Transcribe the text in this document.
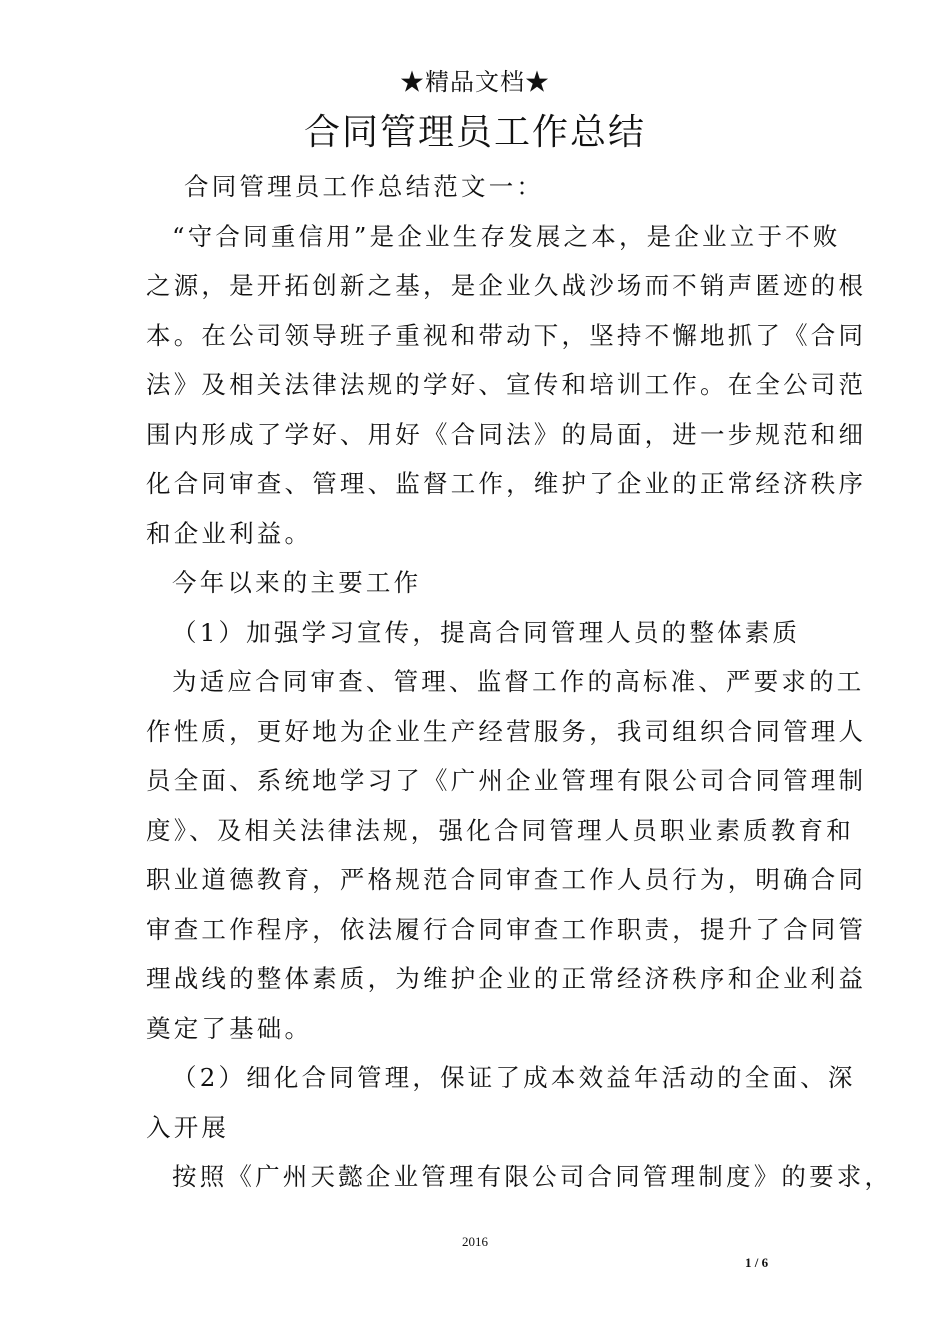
★精品文档★
合同管理员工作总结
合同管理员工作总结范文一：
“守合同重信用”是企业生存发展之本，是企业立于不败
之源，是开拓创新之基，是企业久战沙场而不销声匿迹的根
本。在公司领导班子重视和带动下，坚持不懈地抓了《合同
法》及相关法律法规的学好、宣传和培训工作。在全公司范
围内形成了学好、用好《合同法》的局面，进一步规范和细
化合同审查、管理、监督工作，维护了企业的正常经济秩序
和企业利益。
今年以来的主要工作
（1）加强学习宣传，提高合同管理人员的整体素质
为适应合同审查、管理、监督工作的高标准、严要求的工
作性质，更好地为企业生产经营服务，我司组织合同管理人
员全面、系统地学习了《广州企业管理有限公司合同管理制
度》、及相关法律法规，强化合同管理人员职业素质教育和
职业道德教育，严格规范合同审查工作人员行为，明确合同
审查工作程序，依法履行合同审查工作职责，提升了合同管
理战线的整体素质，为维护企业的正常经济秩序和企业利益
奠定了基础。
（2）细化合同管理，保证了成本效益年活动的全面、深
入开展
按照《广州天懿企业管理有限公司合同管理制度》的要求，
2016
1 / 6
